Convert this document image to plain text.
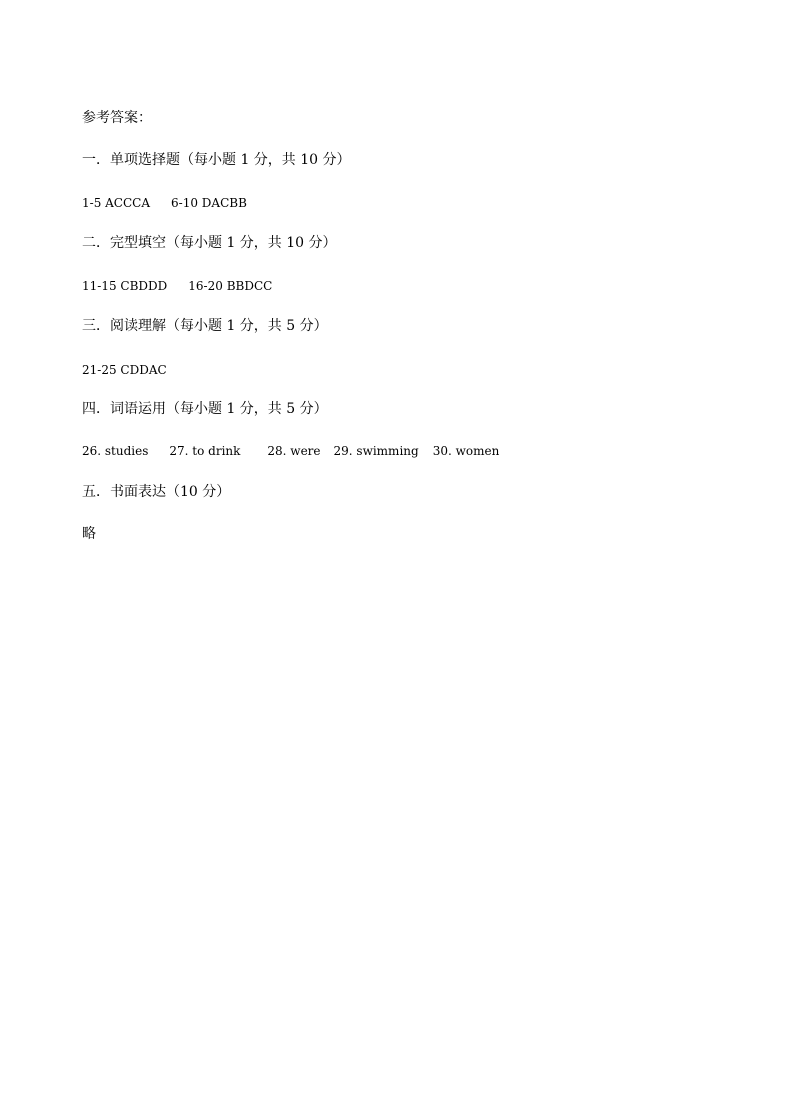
参考答案：
一．单项选择题（每小题 1 分，共 10 分）
1-5 ACCCA 6-10 DACBB
二．完型填空（每小题 1 分，共 10 分）
11-15 CBDDD 16-20 BBDCC
三．阅读理解（每小题 1 分，共 5 分）
21-25 CDDAC
四．词语运用（每小题 1 分，共 5 分）
26. studies 27. to drink 28. were 29. swimming 30. women
五．书面表达（10 分）
略
